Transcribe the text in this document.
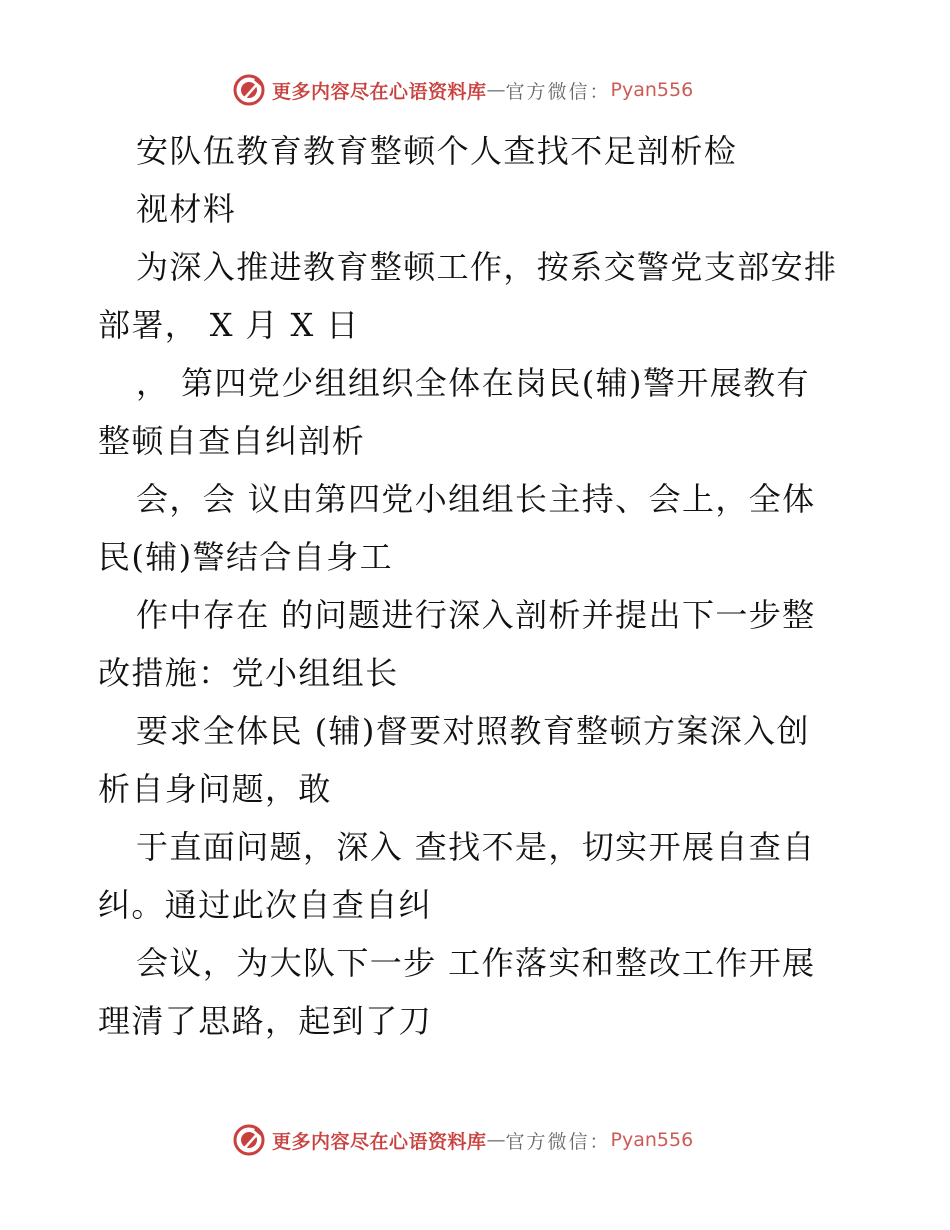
更多内容尽在心语资料库 — 官方微信： Pyan556
安队伍教育教育整顿个人查找不足剖析检
视材料
为深入推进教育整顿工作，按系交警党支部安排
部署， X 月 X 日
， 第四党少组组织全体在岗民(辅)警开展教有
整顿自查自纠剖析
会，会 议由第四党小组组长主持、会上，全体
民(辅)警结合自身工
作中存在 的问题进行深入剖析并提出下一步整
改措施：党小组组长
要求全体民 (辅)督要对照教育整顿方案深入创
析自身问题，敢
于直面问题，深入 查找不是，切实开展自查自
纠。通过此次自查自纠
会议，为大队下一步 工作落实和整改工作开展
理清了思路，起到了刀
更多内容尽在心语资料库 — 官方微信： Pyan556
